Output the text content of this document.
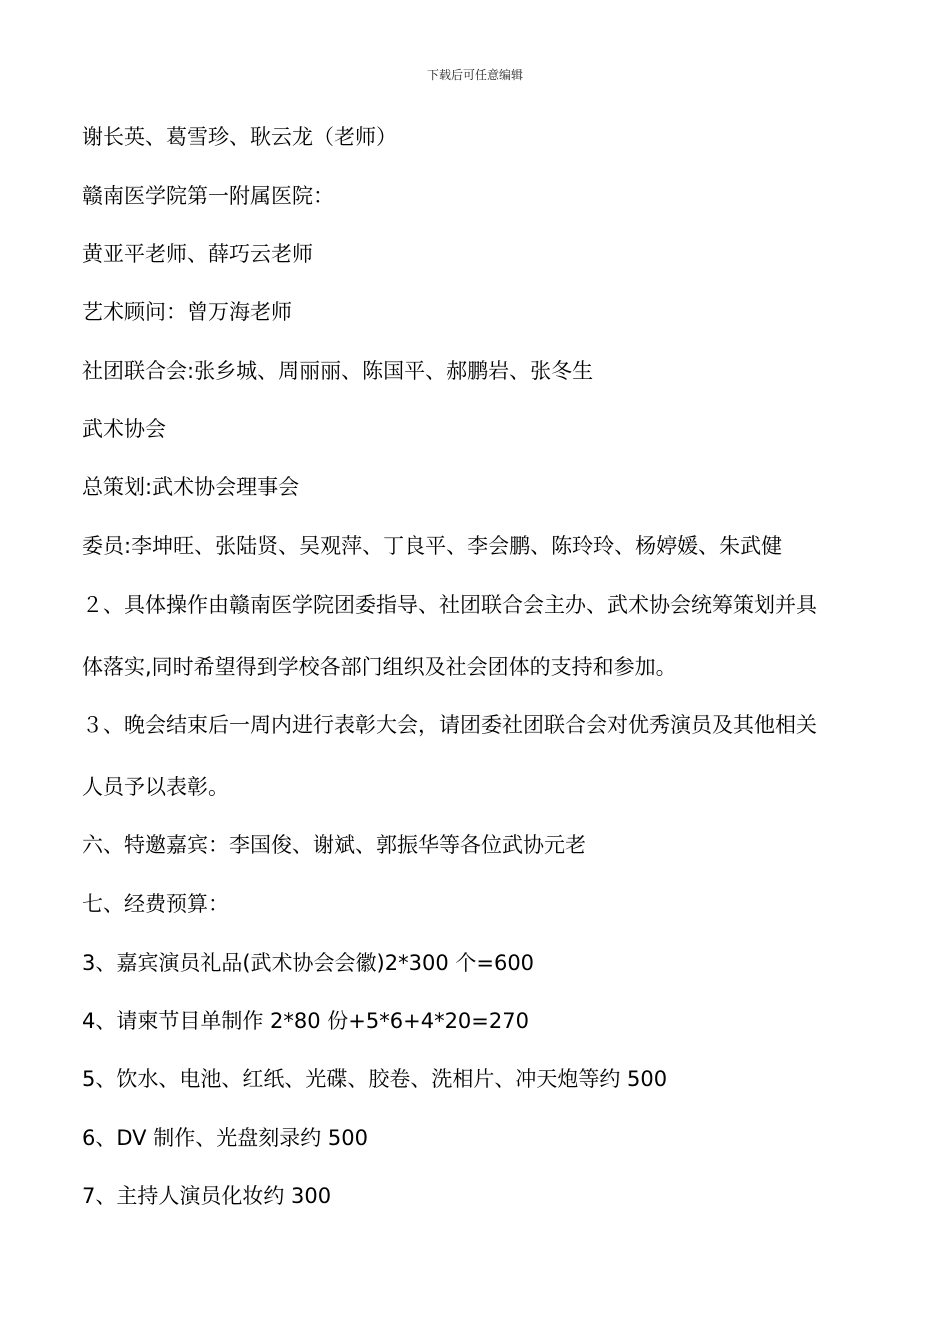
下载后可任意编辑
谢长英、葛雪珍、耿云龙（老师）
赣南医学院第一附属医院：
黄亚平老师、薛巧云老师
艺术顾问：曾万海老师
社团联合会:张乡城、周丽丽、陈国平、郝鹏岩、张冬生
武术协会
总策划:武术协会理事会
委员:李坤旺、张陆贤、吴观萍、丁良平、李会鹏、陈玲玲、杨婷媛、朱武健
２、具体操作由赣南医学院团委指导、社团联合会主办、武术协会统筹策划并具
体落实,同时希望得到学校各部门组织及社会团体的支持和参加。
３、晚会结束后一周内进行表彰大会，请团委社团联合会对优秀演员及其他相关
人员予以表彰。
六、特邀嘉宾：李国俊、谢斌、郭振华等各位武协元老
七、经费预算：
3、嘉宾演员礼品(武术协会会徽)2*300 个=600
4、请柬节目单制作 2*80 份+5*6+4*20=270
5、饮水、电池、红纸、光碟、胶卷、洗相片、冲天炮等约 500
6、DV 制作、光盘刻录约 500
7、主持人演员化妆约 300
